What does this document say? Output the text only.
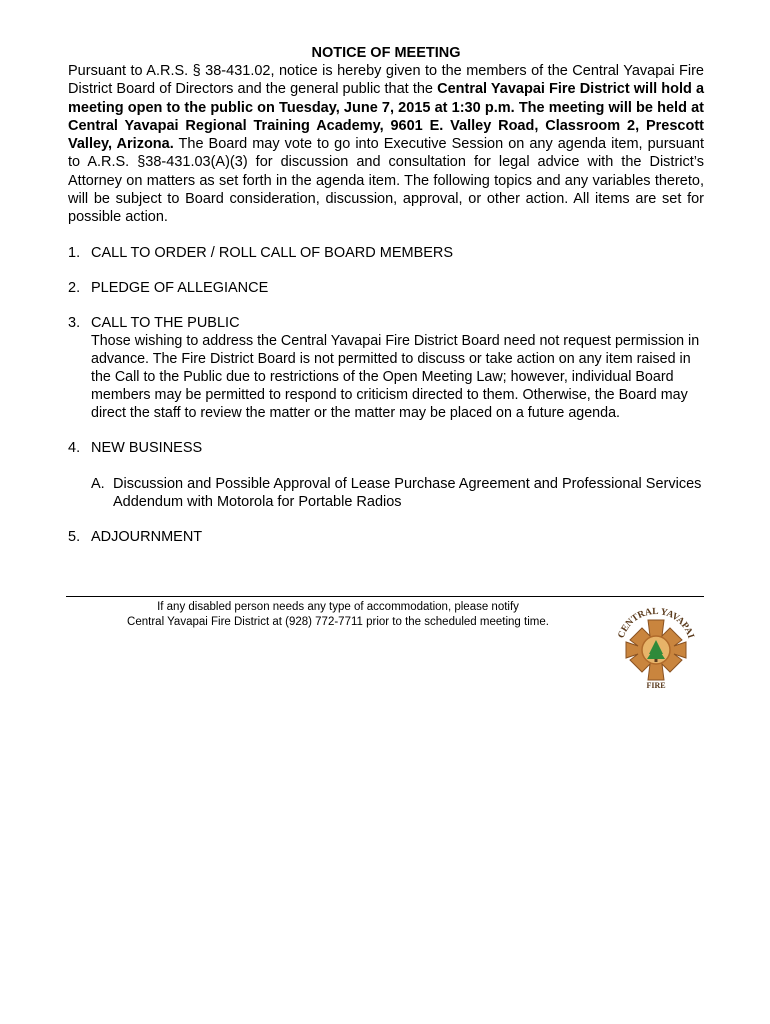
NOTICE OF MEETING

Pursuant to A.R.S. § 38-431.02, notice is hereby given to the members of the Central Yavapai Fire District Board of Directors and the general public that the Central Yavapai Fire District will hold a meeting open to the public on Tuesday, June 7, 2015 at 1:30 p.m. The meeting will be held at Central Yavapai Regional Training Academy, 9601 E. Valley Road, Classroom 2, Prescott Valley, Arizona. The Board may vote to go into Executive Session on any agenda item, pursuant to A.R.S. §38-431.03(A)(3) for discussion and consultation for legal advice with the District’s Attorney on matters as set forth in the agenda item. The following topics and any variables thereto, will be subject to Board consideration, discussion, approval, or other action. All items are set for possible action.

1. CALL TO ORDER / ROLL CALL OF BOARD MEMBERS
2. PLEDGE OF ALLEGIANCE
3. CALL TO THE PUBLIC

Those wishing to address the Central Yavapai Fire District Board need not request permission in advance. The Fire District Board is not permitted to discuss or take action on any item raised in the Call to the Public due to restrictions of the Open Meeting Law; however, individual Board members may be permitted to respond to criticism directed to them. Otherwise, the Board may direct the staff to review the matter or the matter may be placed on a future agenda.

4. NEW BUSINESS
A. Discussion and Possible Approval of Lease Purchase Agreement and Professional Services Addendum with Motorola for Portable Radios
5. ADJOURNMENT
If any disabled person needs any type of accommodation, please notify
Central Yavapai Fire District at (928) 772-7711 prior to the scheduled meeting time.
CENTRAL YAVAPAI
FIRE
